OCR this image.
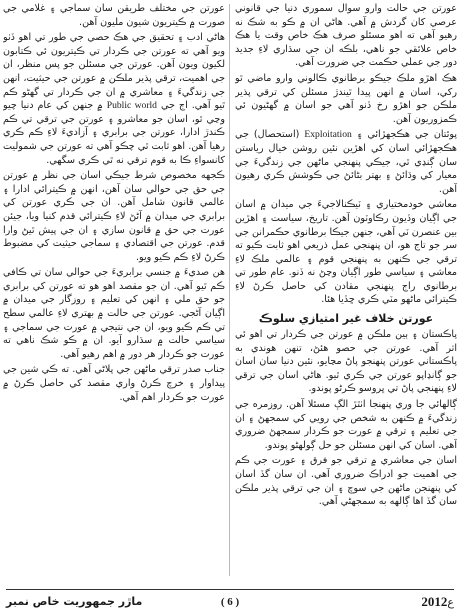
عورتن جي حالت وارو سوال سموري دنيا جي قانوني عرصي کان گردش ۾ آهي. هاڻي ان ۾ ڪو به شڪ نه رهيو آهي ته اهو مسئلو صرف هڪ خاص وقت يا هڪ خاص علائقي جو ناهي، بلڪه ان جي سڌاري لاءِ جديد دور جي عملي حڪمت جي ضرورت آهي.

هڪ اهڙو ملڪ جيڪو برطانوي ڪالوني وارو ماضي ٿو رکي، اسان ۾ انهن پيدا ٿيندڙ مسئلن کي ترقي پذير ملڪن جو اهڙو رخ ڏنو آهي جو اسان ۾ گهڻيون ئي ڪمزوريون آهن.

پوئتان جي هڪجهڙائي ۽ Exploitation (استحصال) جي هڪجهڙائي اسان کي اهڙين نئين روشن خيال رياستن سان ڳنڍي ٿي، جيڪي پنهنجي ماڻهن جي زندگيءَ جي معيار کي وڌائڻ ۽ بهتر بڻائڻ جي ڪوشش ڪري رهيون آهن.

معاشي خودمختياري ۽ ٽيڪنالاجيءَ جي ميدان ۾ اسان جي اڳيان وڏيون رڪاوٽون آهن. تاريخ، سياست ۽ اهڙين بين عنصرن ٽي آهي، جنهن جيڪا برطانوي حڪمرانن جي سر جو تاج هو، ان پنهنجي عمل ذريعي اهو ثابت ڪيو ته ترقي جي ڪنهن به پنهنجي قوم ۽ عالمي ملڪ لاءِ معاشي ۽ سياسي طور اڳيان وڃڻ نه ڏنو. عام طور تي برطانوي راڄ پنهنجي مقادن کي حاصل ڪرڻ لاءِ ڪيترائي ماڻهو مٽي ڪري ڇڏيا هئا.

عورتن خلاف غير امتيازي سلوڪ

پاڪستان ۽ ٻين ملڪن ۾ عورتن جي ڪردار تي اهو ئي اثر آهي. عورتن جي حصو هئڻ، تنهن هوندي به پاڪستاني عورتن پنهنجو پاڻ مڃايو، نئين دنيا سان اسان جو ڳانڍاپو عورتن جي ڪري ٿيو. هاڻي اسان جي ترقي لاءِ پنهنجي پاڻ تي ڀروسو ڪرڻو پوندو.

ڳالهائي جا وري پنهنجا اٺٿڙ الڳ مسئلا آهن. روزمره جي زندگيءَ ۾ ڪنهن به شخص جي رويي کي سمجهڻ ۽ ان جي تعليم ۽ ترقي ۾ عورت جو ڪردار سمجهڻ ضروري آهي. اسان کي انهن مسئلن جو حل ڳولهڻو پوندو.

اسان جي معاشري ۾ ترقي جو فرق ۽ عورت جي ڪم جي اهميت جو ادراڪ ضروري آهي. ان سان گڏ اسان کي پنهنجن ماڻهن جي سوچ ۽ ان جي ترقي پذير ملڪن سان گڏ اها ڳالهه به سمجهڻي آهي.

عورتن جي مختلف طريقن سان سماجي ۽ غلامي جي صورت ۾ ڪيتريون شيون مليون آهن.

هاڻي ادب ۽ تحقيق جي هڪ حصي جي طور تي اهو ڏٺو ويو آهي ته عورتن جي ڪردار تي ڪيتريون ئي ڪتابون لکيون ويون آهن. عورتن جي مسئلن جو پس منظر، ان جي اهميت، ترقي پذير ملڪن ۾ عورتن جي حيثيت، انهن جي زندگيءَ ۽ معاشري ۾ ان جي ڪردار تي گهڻو ڪم ٿيو آهي. اڄ جي Public world ۾ جنهن کي عام دنيا چيو وڃي ٿو، اسان جو معاشرو ۽ عورتن جي ترقي تي ڪم ڪندڙ ادارا، عورتن جي برابري ۽ آزاديءَ لاءِ ڪم ڪري رهيا آهن. اهو ثابت ٿي چڪو آهي ته عورتن جي شموليت کانسواءِ ڪا به قوم ترقي نه ٿي ڪري سگهي.

ڪجهه مخصوص شرط جيڪي اسان جي نظر ۾ عورتن جي حق جي حوالي سان آهن، انهن ۾ ڪيترائي ادارا ۽ عالمي قانون شامل آهن. ان جي ڪري عورتن کي برابري جي ميدان ۾ آڻڻ لاءِ ڪيترائي قدم کنيا ويا، جيئن عورت جي حق ۾ قانون سازي ۽ ان جي پيش ٿيڻ وارا قدم. عورتن جي اقتصادي ۽ سماجي حيثيت کي مضبوط ڪرڻ لاءِ ڪم ڪيو ويو.

هن صديءَ ۾ جنسي برابريءَ جي حوالي سان تي ڪافي ڪم ٿيو آهي. ان جو مقصد اهو هو ته عورتن کي برابري جو حق ملي ۽ انهن کي تعليم ۽ روزگار جي ميدان ۾ اڳيان آڻجي. عورتن جي حالت ۾ بهتري لاءِ عالمي سطح تي ڪم ڪيو ويو، ان جي نتيجي ۾ عورت جي سماجي ۽ سياسي حالت ۾ سڌارو آيو. ان ۾ ڪو شڪ ناهي ته عورت جو ڪردار هر دور ۾ اهم رهيو آهي.

جناب صدر ترقي ماڻهن جي پلاڻي آهي. ته ڪي شين جي پيداوار ۽ خرچ ڪرڻ واري مقصد کي حاصل ڪرڻ ۾ عورت جو ڪردار اهم آهي.

ع2012
( 6 )
ماڙر جمهوريت خاص نمبر
